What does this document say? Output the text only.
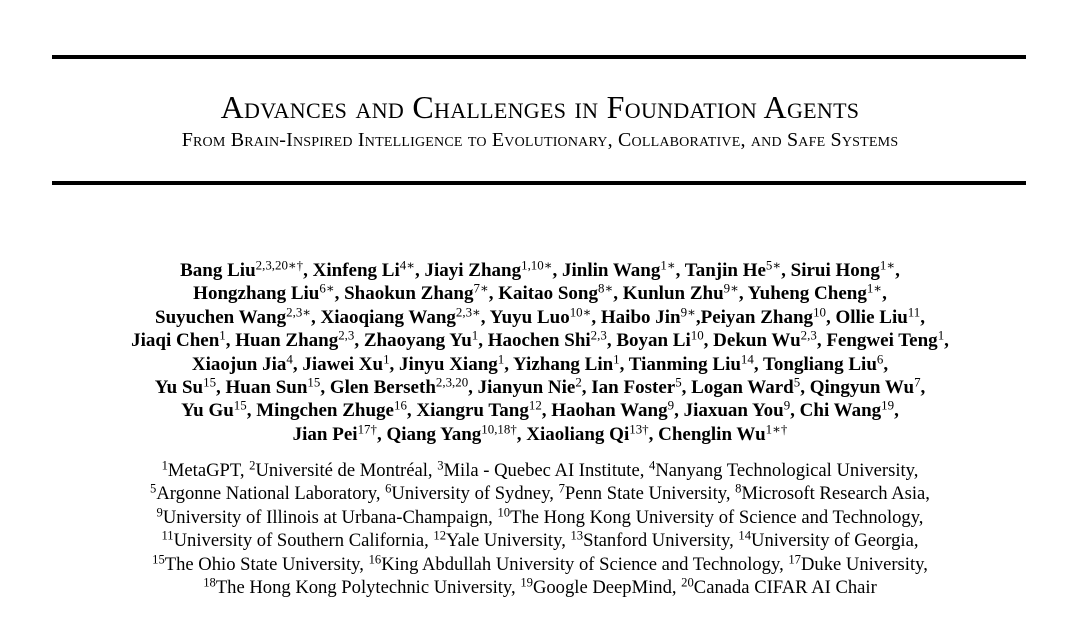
Advances and Challenges in Foundation Agents
From Brain-Inspired Intelligence to Evolutionary, Collaborative, and Safe Systems
Bang Liu$^{2,3,20∗\dagger}$, Xinfeng $Li^{4∗}$, Jiayi Zhang$^{1,10∗}$, Jinlin Wang$^{1∗}$, Tanjin $He^{5∗}$, Sirui Hong$^{1∗}$,
Hongzhang Liu$^{6∗}$, Shaokun Zhang$^{7∗}$, Kaitao Song$^{8∗}$, Kunlun Zhu$^{9∗}$, Yuheng Cheng$^{1∗}$,
Suyuchen Wang$^{2,3∗}$, Xiaoqiang Wang$^{2,3∗}$, Yuyu Luo$^{10∗}$, Haibo Jin$^{9∗}$,Peiyan Zhang$^{10}$, Ollie Liu$^{11}$,
Jiaqi Chen$^1$, Huan Zhang$^{2,3}$, Zhaoyang Yu$^1$, Haochen Shi$^{2,3}$, Boyan Li$^{10}$, Dekun Wu$^{2,3}$, Fengwei Teng$^1$,
Xiaojun Jia$^4$, Jiawei Xu$^1$, Jinyu Xiang$^1$, Yizhang Lin$^1$, Tianming Liu$^{14}$, Tongliang Liu$^6$,
Yu Su$^{15}$, Huan Sun$^{15}$, Glen Berseth$^{2,3,20}$, Jianyun Nie$^2$, Ian Foster$^5$, Logan Ward$^5$, Qingyun Wu$^7$,
Yu Gu$^{15}$, Mingchen Zhuge$^{16}$, Xiangru Tang$^{12}$, Haohan Wang$^9$, Jiaxuan You$^9$, Chi Wang$^{19}$,
Jian Pei$^{17\dagger}$, Qiang Yang$^{10,18\dagger}$, Xiaoliang $Qi^{13\dagger}$, Chenglin $Wu^{1∗\dagger}$
$^1$MetaGPT, $^2$Université de Montréal, $^3$Mila - Quebec AI Institute, $^4$Nanyang Technological University,
$^5$Argonne National Laboratory, $^6$University of Sydney, $^7$Penn State University, $^8$Microsoft Research Asia,
$^9$University of Illinois at Urbana-Champaign, $^{10}$The Hong Kong University of Science and Technology,
$^{11}$University of Southern California, $^{12}$Yale University, $^{13}$Stanford University, $^{14}$University of Georgia,
$^{15}$The Ohio State University, $^{16}$King Abdullah University of Science and Technology, $^{17}$Duke University,
$^{18}$The Hong Kong Polytechnic University, $^{19}$Google DeepMind, $^{20}$Canada CIFAR AI Chair
